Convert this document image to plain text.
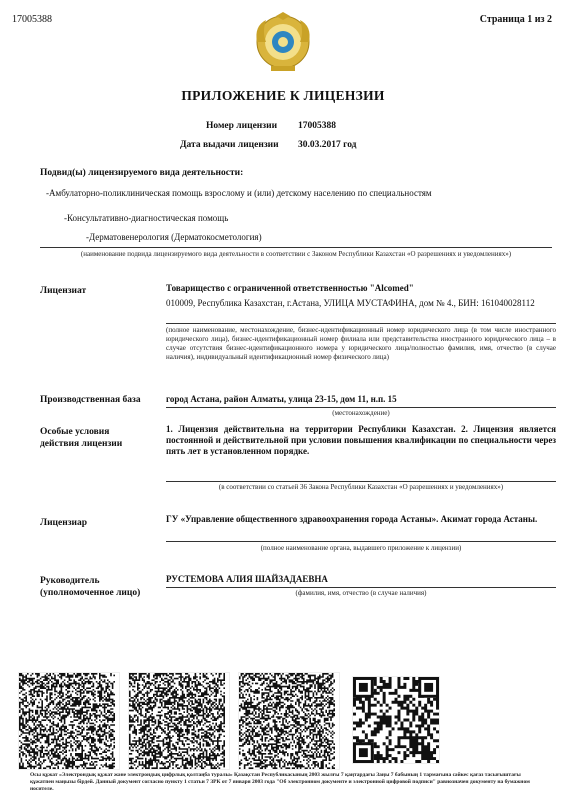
17005388	Страница 1 из 2
ПРИЛОЖЕНИЕ К ЛИЦЕНЗИИ
Номер лицензии 17005388
Дата выдачи лицензии 30.03.2017 год
Подвид(ы) лицензируемого вида деятельности:
-Амбулаторно-поликлиническая помощь взрослому и (или) детскому населению по специальностям
-Консультативно-диагностическая помощь
-Дерматовенерология (Дерматокосметология)
(наименование подвида лицензируемого вида деятельности в соответствии с Законом Республики Казахстан «О разрешениях и уведомлениях»)
Лицензиат	Товарищество с ограниченной ответственностью "Alcomed"
010009, Республика Казахстан, г.Астана, УЛИЦА МУСТАФИНА, дом № 4., БИН: 161040028112
(полное наименование, местонахождение, бизнес-идентификационный номер юридического лица (в том числе иностранного юридического лица), бизнес-идентификационный номер филиала или представительства иностранного юридического лица – в случае отсутствия бизнес-идентификационного номера у юридического лица/полностью фамилия, имя, отчество (в случае наличия), индивидуальный идентификационный номер физического лица)
Производственная база	город Астана, район Алматы, улица 23-15, дом 11, н.п. 15
(местонахождение)
Особые условия действия лицензии
1. Лицензия действительна на территории Республики Казахстан. 2. Лицензия является постоянной и действительной при условии повышения квалификации по специальности через пять лет в установленном порядке.
(в соответствии со статьей 36 Закона Республики Казахстан «О разрешениях и уведомлениях»)
Лицензиар	ГУ «Управление общественного здравоохранения города Астаны». Акимат города Астаны.
(полное наименование органа, выдавшего приложение к лицензии)
Руководитель (уполномоченное лицо)
РУСТЕМОВА АЛИЯ ШАЙЗАДАЕВНА
(фамилия, имя, отчество (в случае наличия)
Осы құжат «Электрондық құжат және электрондық цифрлық қолтаңба туралы» Қазақстан Республикасының 2003 жылғы 7 қаңтардағы Заңы 7 бабының 1 тармағына сәйкес қағаз тасығыштағы құжатпен маңызы бірдей. Данный документ согласно пункту 1 статьи 7 ЗРК от 7 января 2003 года "Об электронном документе и электронной цифровой подписи" равнозначен документу на бумажном носителе.
